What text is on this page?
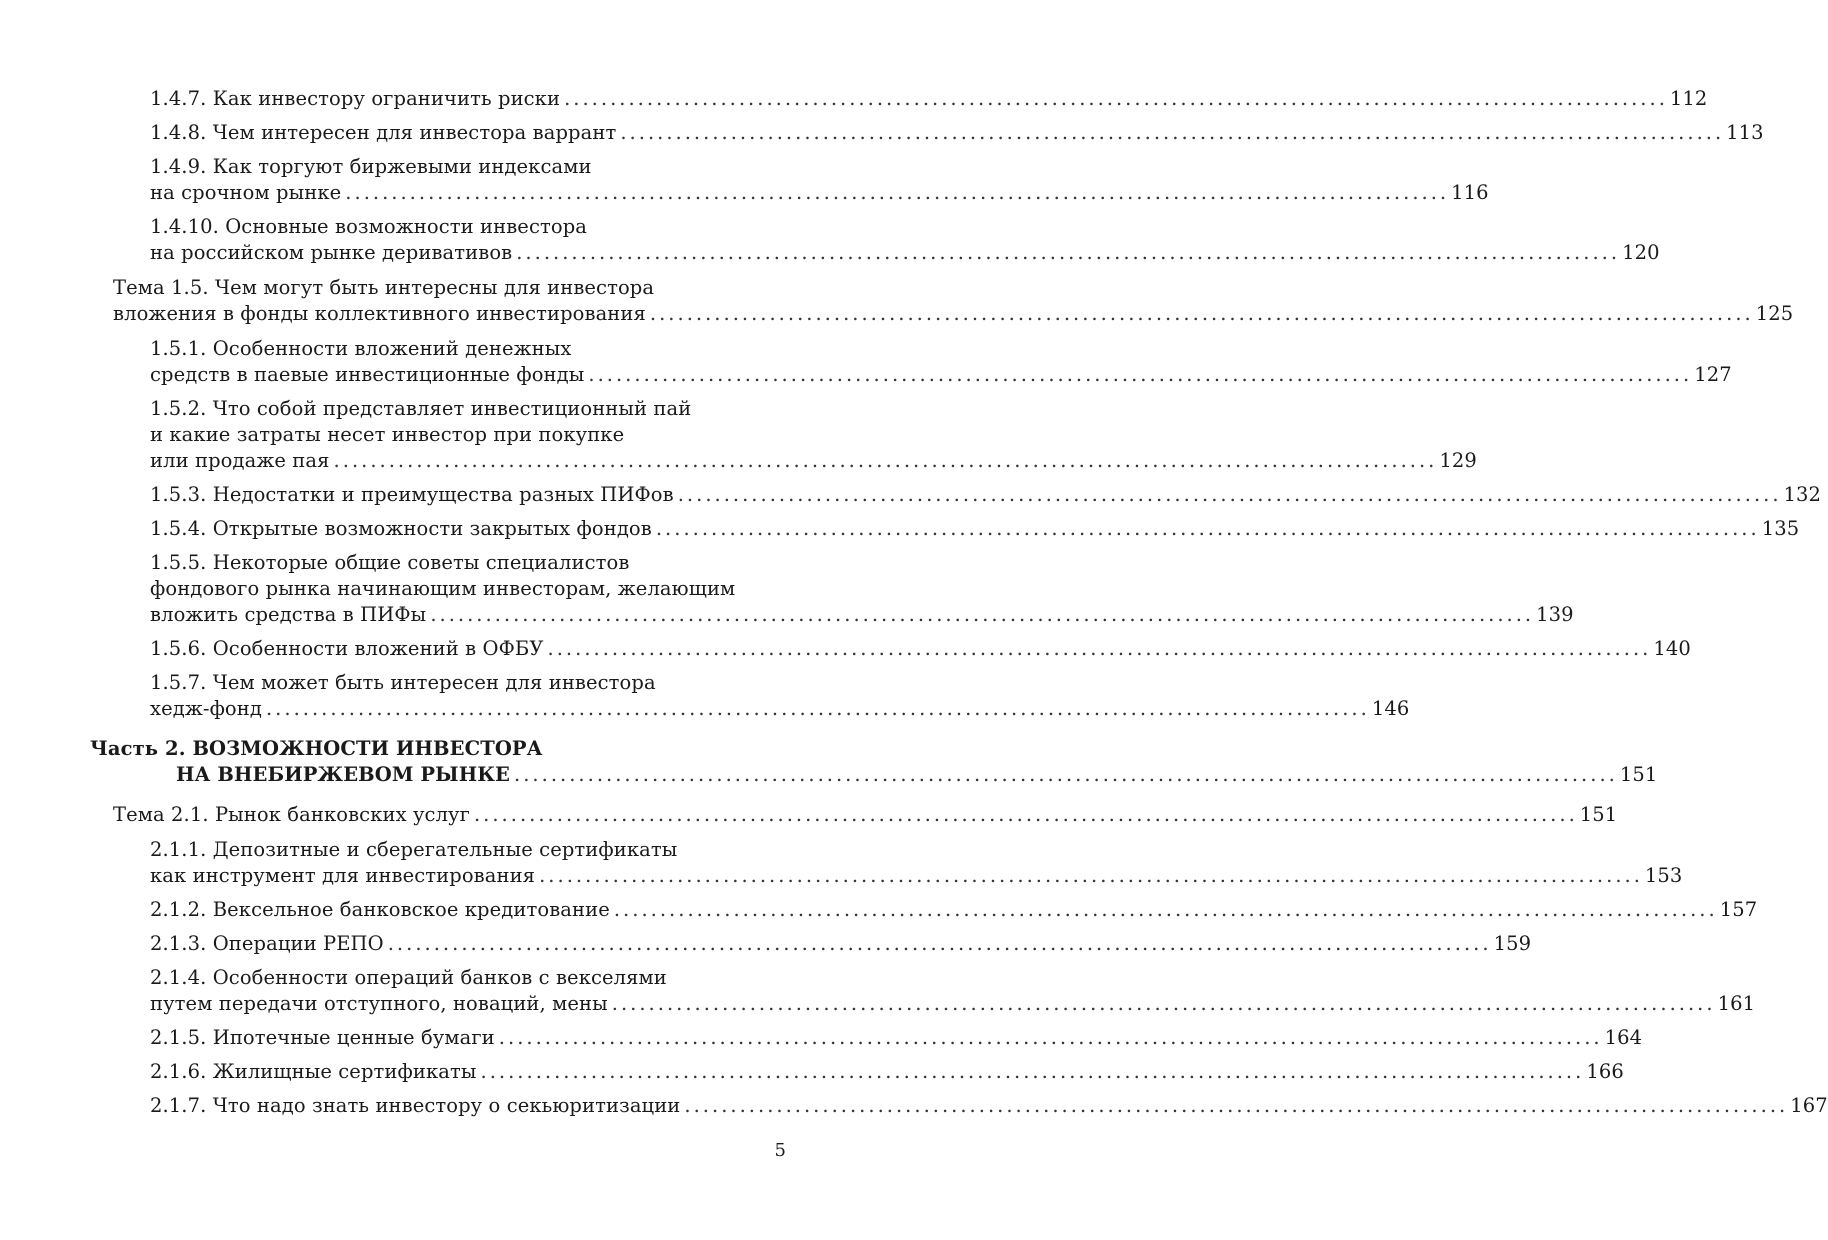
1.4.7. Как инвестору ограничить риски ........................................................................................................................ 112
1.4.8. Чем интересен для инвестора варрант ........................................................................................................................ 113
1.4.9. Как торгуют биржевыми индексами
на срочном рынке ........................................................................................................................ 116
1.4.10. Основные возможности инвестора
на российском рынке деривативов ........................................................................................................................ 120
Тема 1.5. Чем могут быть интересны для инвестора
вложения в фонды коллективного инвестирования ........................................................................................................................ 125
1.5.1. Особенности вложений денежных
средств в паевые инвестиционные фонды ........................................................................................................................ 127
1.5.2. Что собой представляет инвестиционный пай
и какие затраты несет инвестор при покупке
или продаже пая ........................................................................................................................ 129
1.5.3. Недостатки и преимущества разных ПИФов ........................................................................................................................ 132
1.5.4. Открытые возможности закрытых фондов ........................................................................................................................ 135
1.5.5. Некоторые общие советы специалистов
фондового рынка начинающим инвесторам, желающим
вложить средства в ПИФы ........................................................................................................................ 139
1.5.6. Особенности вложений в ОФБУ ........................................................................................................................ 140
1.5.7. Чем может быть интересен для инвестора
хедж-фонд ........................................................................................................................ 146
Часть 2. ВОЗМОЖНОСТИ ИНВЕСТОРА
НА ВНЕБИРЖЕВОМ РЫНКЕ ........................................................................................................................ 151
Тема 2.1. Рынок банковских услуг ........................................................................................................................ 151
2.1.1. Депозитные и сберегательные сертификаты
как инструмент для инвестирования ........................................................................................................................ 153
2.1.2. Вексельное банковское кредитование ........................................................................................................................ 157
2.1.3. Операции РЕПО ........................................................................................................................ 159
2.1.4. Особенности операций банков с векселями
путем передачи отступного, новаций, мены ........................................................................................................................ 161
2.1.5. Ипотечные ценные бумаги ........................................................................................................................ 164
2.1.6. Жилищные сертификаты ........................................................................................................................ 166
2.1.7. Что надо знать инвестору о секьюритизации ........................................................................................................................ 167
5
